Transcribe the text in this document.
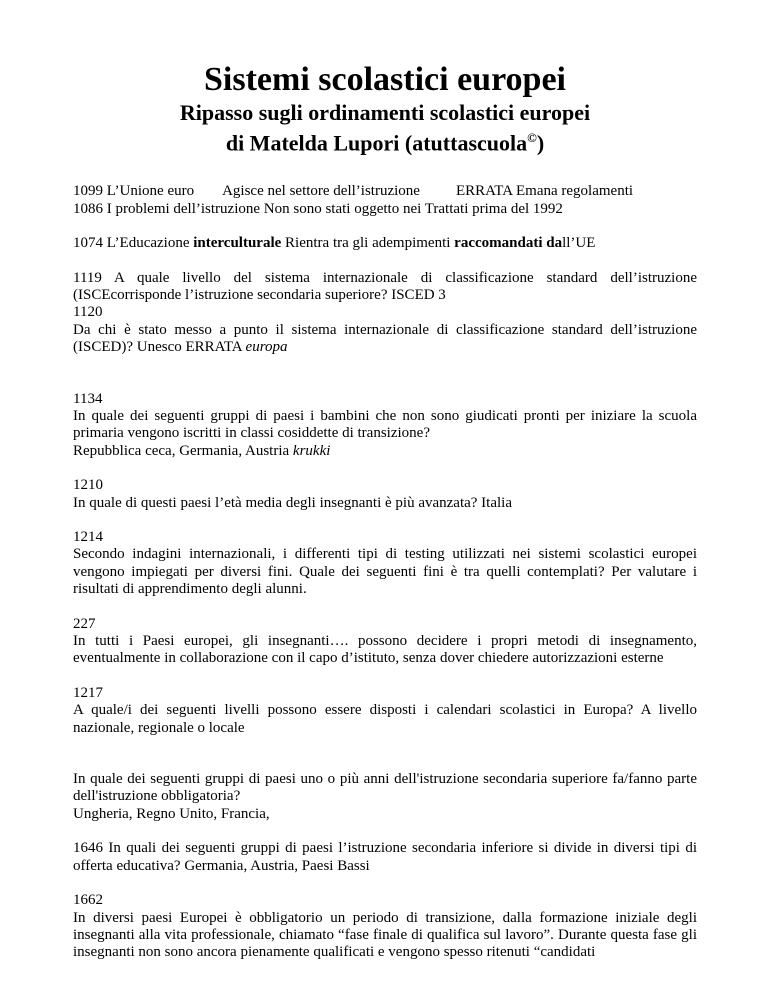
Sistemi scolastici europei
Ripasso sugli ordinamenti scolastici europei
di Matelda Lupori (atuttascuola©)

1099 L’Unione euro Agisce nel settore dell’istruzione ERRATA Emana regolamenti

1086 I problemi dell’istruzione Non sono stati oggetto nei Trattati prima del 1992

1074 L’Educazione interculturale Rientra tra gli adempimenti raccomandati dall’UE

1119 A quale livello del sistema internazionale di classificazione standard dell’istruzione (ISCEcorrisponde l’istruzione secondaria superiore? ISCED 3

1120

Da chi è stato messo a punto il sistema internazionale di classificazione standard dell’istruzione (ISCED)? Unesco ERRATA europa

1134

In quale dei seguenti gruppi di paesi i bambini che non sono giudicati pronti per iniziare la scuola primaria vengono iscritti in classi cosiddette di transizione?

Repubblica ceca, Germania, Austria krukki

1210

In quale di questi paesi l’età media degli insegnanti è più avanzata? Italia

1214

Secondo indagini internazionali, i differenti tipi di testing utilizzati nei sistemi scolastici europei vengono impiegati per diversi fini. Quale dei seguenti fini è tra quelli contemplati? Per valutare i risultati di apprendimento degli alunni.

227

In tutti i Paesi europei, gli insegnanti…. possono decidere i propri metodi di insegnamento, eventualmente in collaborazione con il capo d’istituto, senza dover chiedere autorizzazioni esterne

1217

A quale/i dei seguenti livelli possono essere disposti i calendari scolastici in Europa? A livello nazionale, regionale o locale

In quale dei seguenti gruppi di paesi uno o più anni dell'istruzione secondaria superiore fa/fanno parte dell'istruzione obbligatoria?

Ungheria, Regno Unito, Francia,

1646 In quali dei seguenti gruppi di paesi l’istruzione secondaria inferiore si divide in diversi tipi di offerta educativa? Germania, Austria, Paesi Bassi

1662

In diversi paesi Europei è obbligatorio un periodo di transizione, dalla formazione iniziale degli insegnanti alla vita professionale, chiamato “fase finale di qualifica sul lavoro”. Durante questa fase gli insegnanti non sono ancora pienamente qualificati e vengono spesso ritenuti “candidati
